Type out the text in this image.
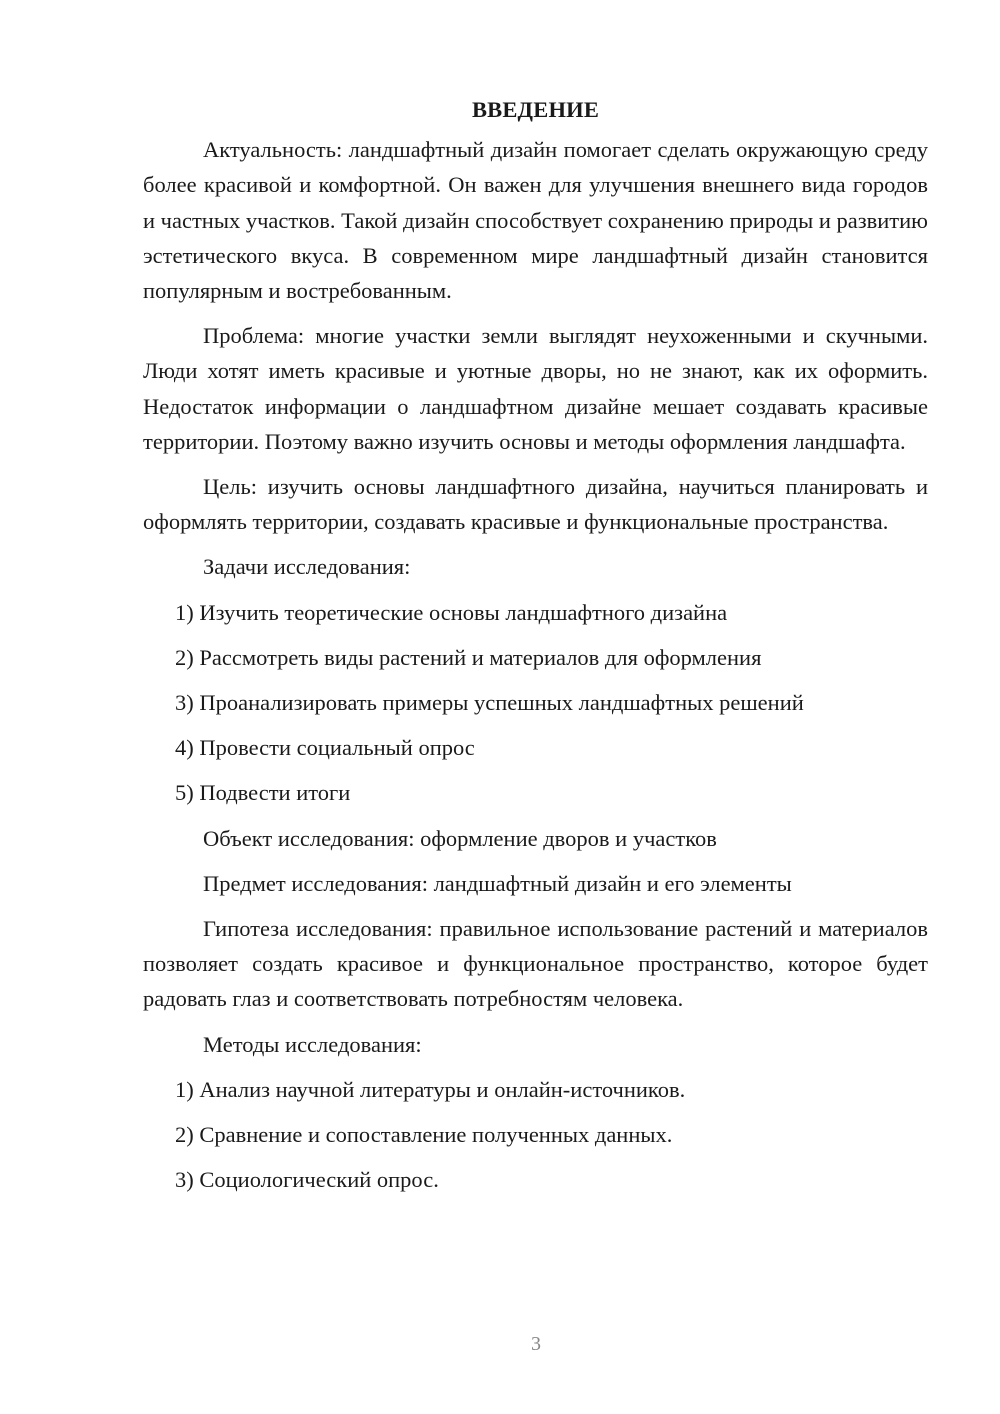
ВВЕДЕНИЕ

Актуальность: ландшафтный дизайн помогает сделать окружающую среду более красивой и комфортной. Он важен для улучшения внешнего вида городов и частных участков. Такой дизайн способствует сохранению природы и развитию эстетического вкуса. В современном мире ландшафтный дизайн становится популярным и востребованным.

Проблема: многие участки земли выглядят неухоженными и скучными. Люди хотят иметь красивые и уютные дворы, но не знают, как их оформить. Недостаток информации о ландшафтном дизайне мешает создавать красивые территории. Поэтому важно изучить основы и методы оформления ландшафта.

Цель: изучить основы ландшафтного дизайна, научиться планировать и оформлять территории, создавать красивые и функциональные пространства.

Задачи исследования:
1) Изучить теоретические основы ландшафтного дизайна
2) Рассмотреть виды растений и материалов для оформления
3) Проанализировать примеры успешных ландшафтных решений
4) Провести социальный опрос
5) Подвести итоги
Объект исследования: оформление дворов и участков
Предмет исследования: ландшафтный дизайн и его элементы

Гипотеза исследования: правильное использование растений и материалов позволяет создать красивое и функциональное пространство, которое будет радовать глаз и соответствовать потребностям человека.

Методы исследования:
1) Анализ научной литературы и онлайн-источников.
2) Сравнение и сопоставление полученных данных.
3) Социологический опрос.
3
